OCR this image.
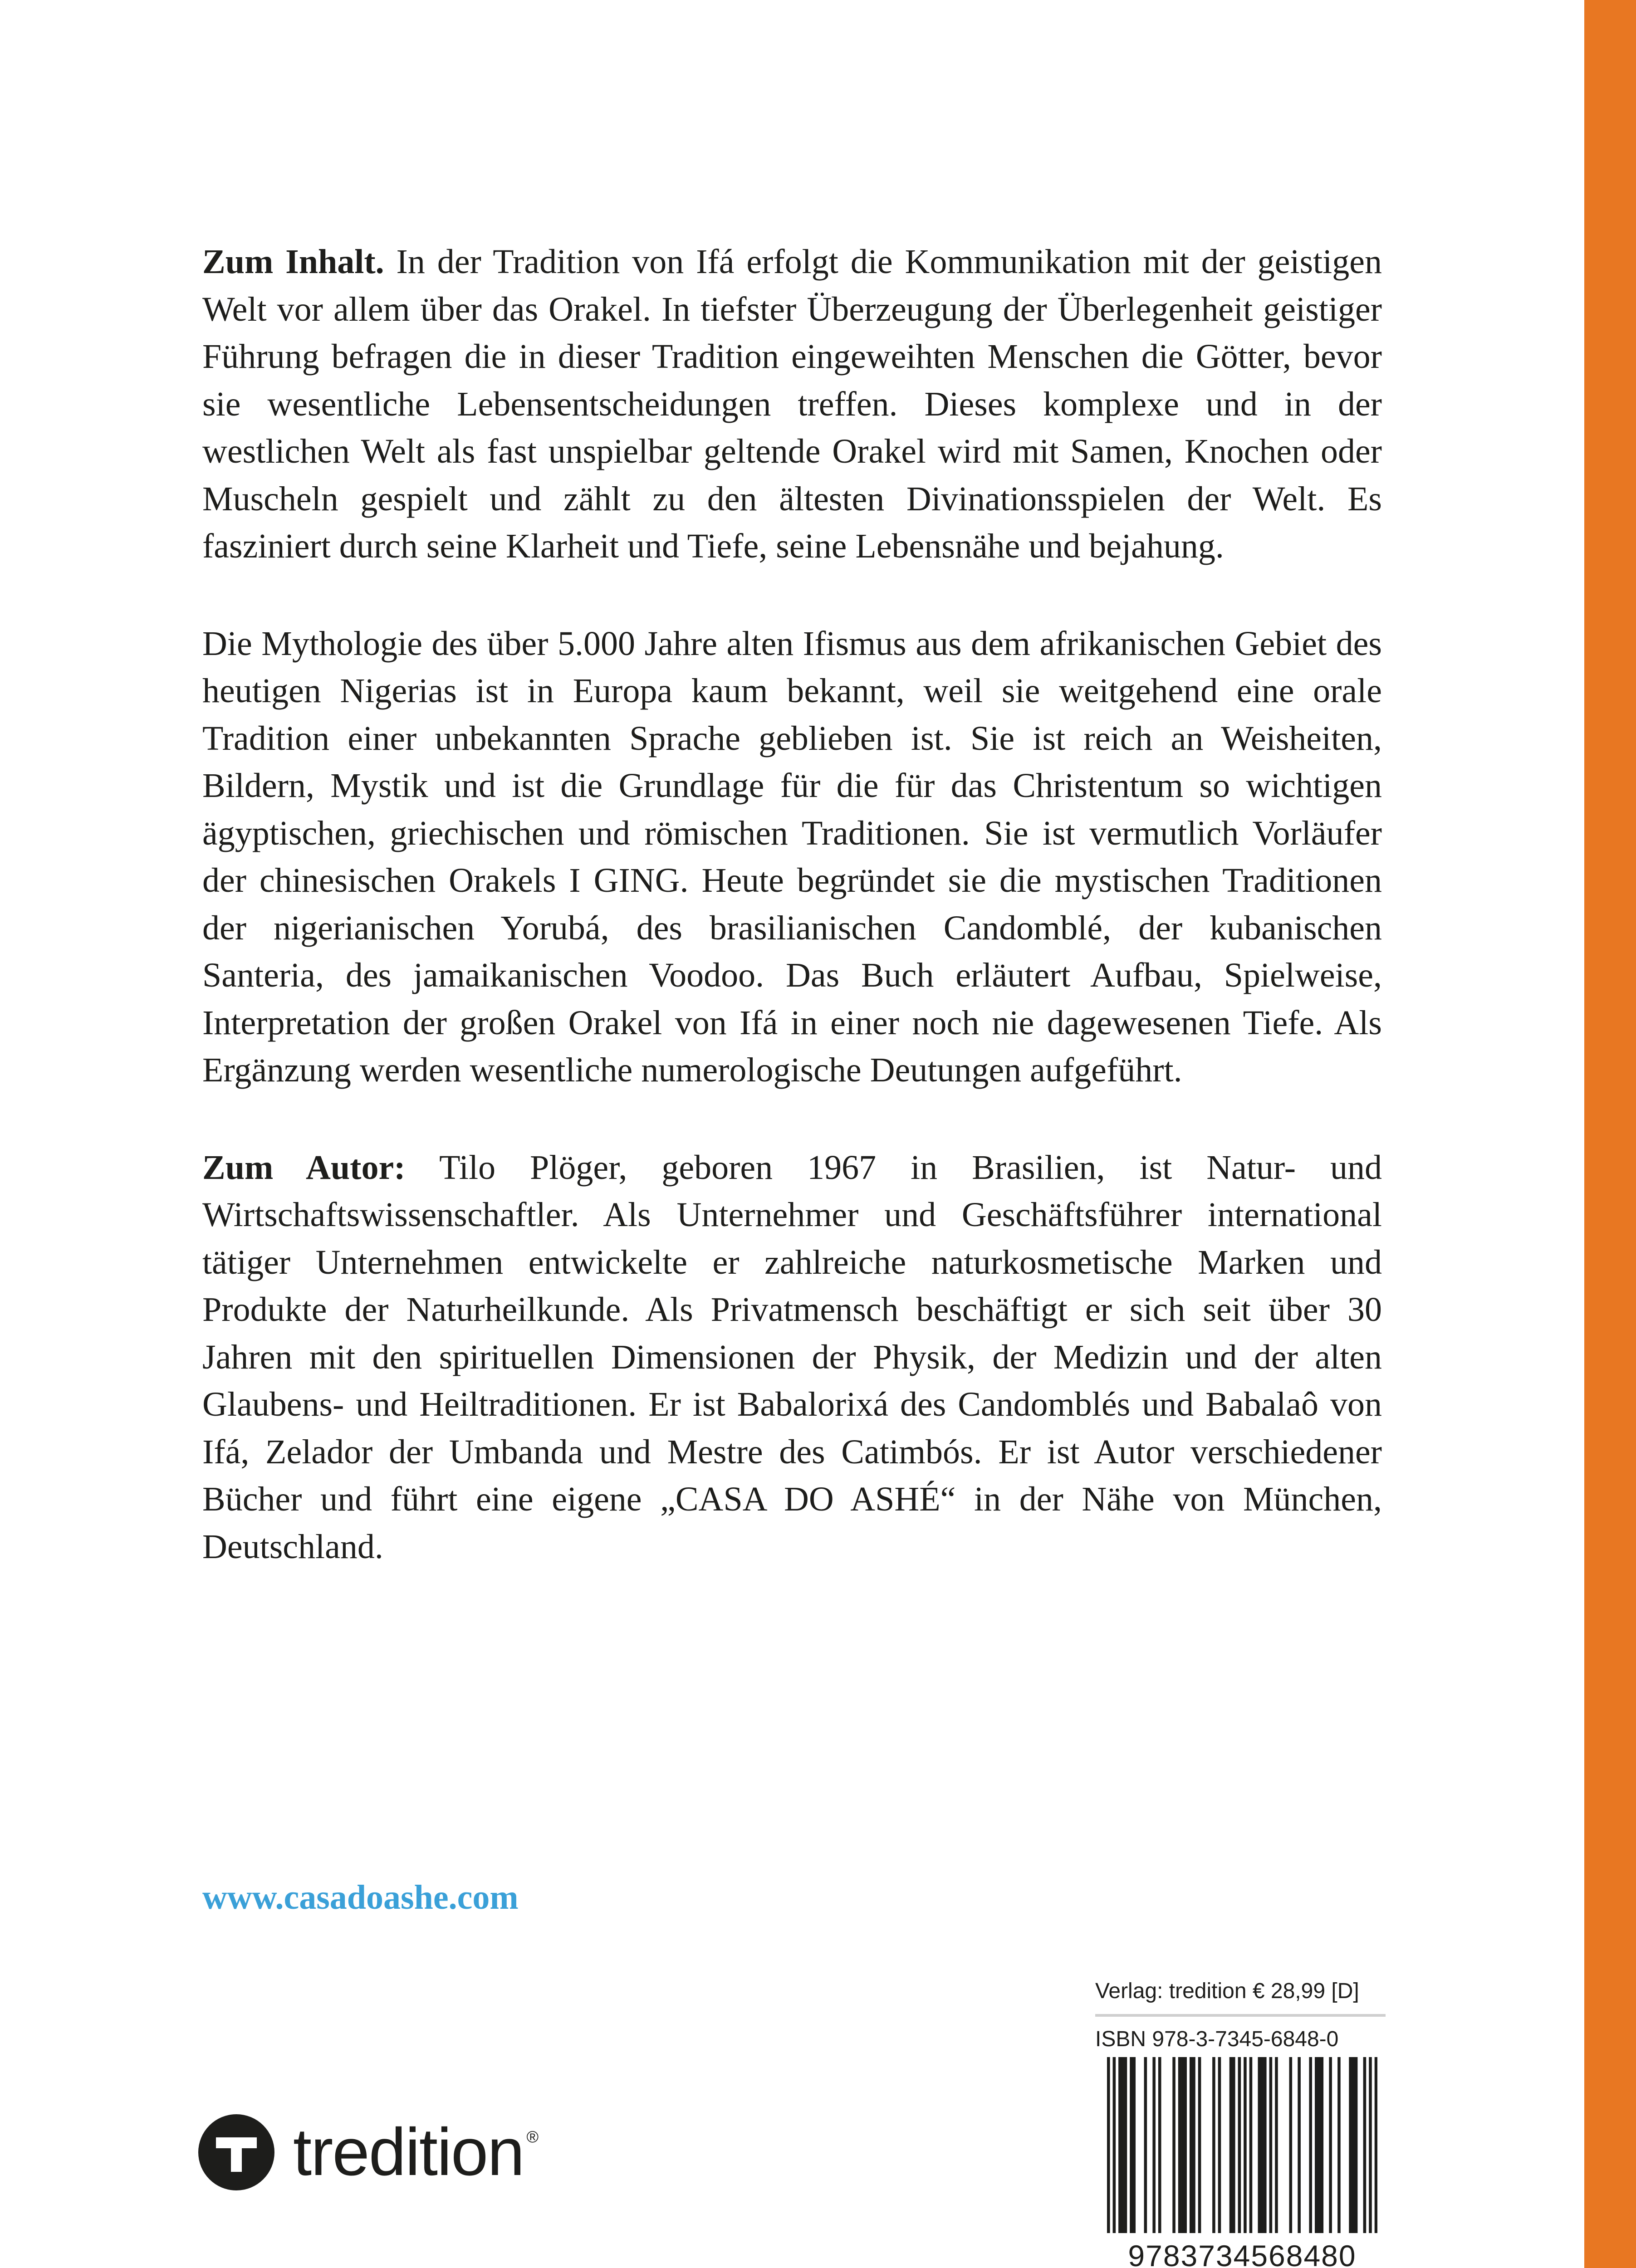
Zum Inhalt. In der Tradition von Ifá erfolgt die Kommunikation mit der geistigen Welt vor allem über das Orakel. In tiefster Überzeugung der Überlegenheit geistiger Führung befragen die in dieser Tradition eingeweihten Menschen die Götter, bevor sie wesentliche Lebensentscheidungen treffen. Dieses komplexe und in der westlichen Welt als fast unspielbar geltende Orakel wird mit Samen, Knochen oder Muscheln gespielt und zählt zu den ältesten Divinationsspielen der Welt. Es fasziniert durch seine Klarheit und Tiefe, seine Lebensnähe und bejahung.

Die Mythologie des über 5.000 Jahre alten Ifismus aus dem afrikanischen Gebiet des heutigen Nigerias ist in Europa kaum bekannt, weil sie weitgehend eine orale Tradition einer unbekannten Sprache geblieben ist. Sie ist reich an Weisheiten, Bildern, Mystik und ist die Grundlage für die für das Christentum so wichtigen ägyptischen, griechischen und römischen Traditionen. Sie ist vermutlich Vorläufer der chinesischen Orakels I GING. Heute begründet sie die mystischen Traditionen der nigerianischen Yorubá, des brasilianischen Candomblé, der kubanischen Santeria, des jamaikanischen Voodoo. Das Buch erläutert Aufbau, Spielweise, Interpretation der großen Orakel von Ifá in einer noch nie dagewesenen Tiefe. Als Ergänzung werden wesentliche numerologische Deutungen aufgeführt.

Zum Autor: Tilo Plöger, geboren 1967 in Brasilien, ist Natur- und Wirtschaftswissenschaftler. Als Unternehmer und Geschäftsführer international tätiger Unternehmen entwickelte er zahlreiche naturkosmetische Marken und Produkte der Naturheilkunde. Als Privatmensch beschäftigt er sich seit über 30 Jahren mit den spirituellen Dimensionen der Physik, der Medizin und der alten Glaubens- und Heiltraditionen. Er ist Babalorixá des Candomblés und Babalaô von Ifá, Zelador der Umbanda und Mestre des Catimbós. Er ist Autor verschiedener Bücher und führt eine eigene „CASA DO ASHÉ“ in der Nähe von München, Deutschland.

www.casadoashe.com
Verlag: tredition € 28,99 [D]
ISBN 978-3-7345-6848-0
9783734568480
tredition ®
